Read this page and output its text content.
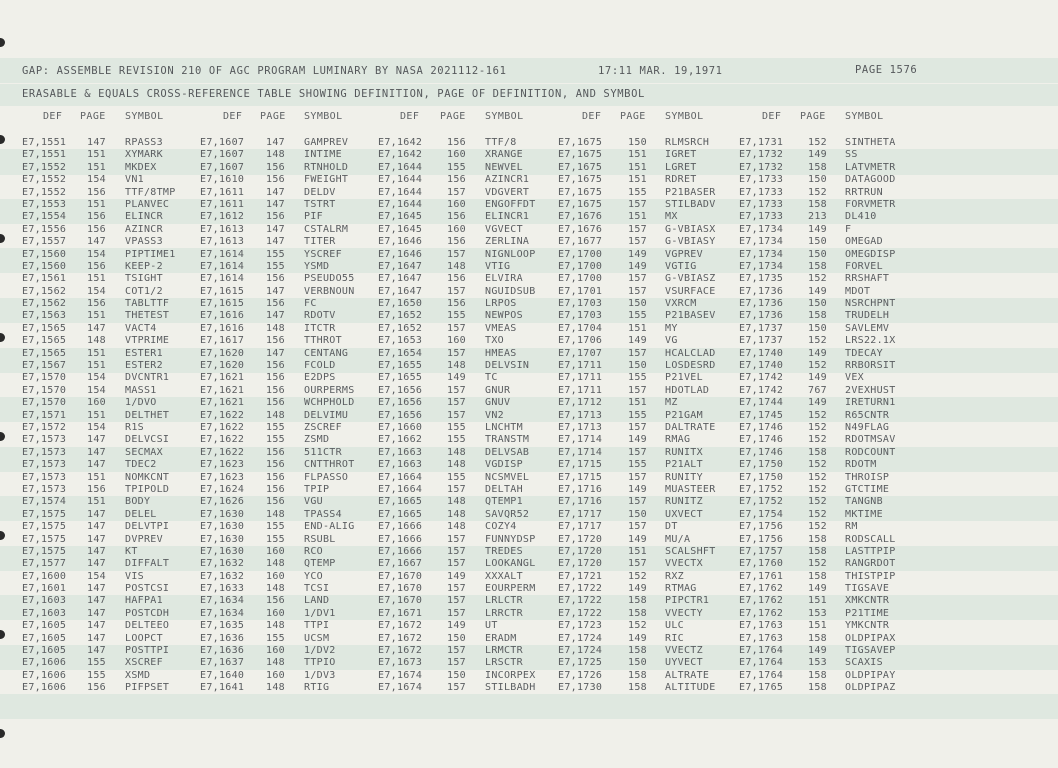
GAP: ASSEMBLE REVISION 210 OF AGC PROGRAM LUMINARY BY NASA 2021112-161	17:11 MAR. 19,1971	PAGE 1576
ERASABLE & EQUALS CROSS-REFERENCE TABLE SHOWING DEFINITION, PAGE OF DEFINITION, AND SYMBOL
DEF PAGE SYMBOL	DEF PAGE SYMBOL	DEF PAGE SYMBOL	DEF PAGE SYMBOL	DEF PAGE SYMBOL
E7,1551 147 RPASS3	E7,1607 147 GAMPREV	E7,1642 156 TTF/8	E7,1675	150 RLMSRCH	E7,1731 152 SINTHETA
E7,1551 151 XYMARK	E7,1607 148 INTIME	E7,1642 160 XRANGE	E7,1675	151 IGRET	E7,1732 149 SS
E7,1552 151 MKDEX	E7,1607 156 RTNHOLD	E7,1644 155 NEWVEL	E7,1675	151 LGRET	E7,1732 158 LATVMETR
E7,1552 154 VN1	E7,1610 156 FWEIGHT	E7,1644 156 AZINCR1	E7,1675	151 RDRET	E7,1733 150 DATAGOOD
E7,1552 156 TTF/8TMP E7,1611 147 DELDV	E7,1644 157 VDGVERT	E7,1675	155 P21BASER E7,1733 152 RRTRUN
E7,1553 151 PLANVEC	E7,1611 147 TSTRT	E7,1644 160 ENGOFFDT E7,1675	157 STILBADV E7,1733 158 FORVMETR
E7,1554 156 ELINCR	E7,1612 156 PIF	E7,1645 156 ELINCR1	E7,1676	151 MX	E7,1733 213 DL410
E7,1556 156 AZINCR	E7,1613 147 CSTALRM	E7,1645 160 VGVECT	E7,1676	157 G-VBIASX E7,1734 149 F
E7,1557 147 VPASS3	E7,1613 147 TITER	E7,1646 156 ZERLINA	E7,1677	157 G-VBIASY E7,1734 150 OMEGAD
E7,1560 154 PIPTIME1 E7,1614 155 YSCREF	E7,1646 157 NIGNLOOP E7,1700	149 VGPREV	E7,1734 150 OMEGDISP
E7,1560 156 KEEP-2	E7,1614 155 YSMD	E7,1647 148 VTIG	E7,1700	149 VGTIG	E7,1734 158 FORVEL
E7,1561 151 TSIGHT	E7,1614 156 PSEUDO55 E7,1647 156 ELVIRA	E7,1700	157 G-VBIASZ E7,1735 152 RRSHAFT
E7,1562 154 COT1/2	E7,1615 147 VERBNOUN E7,1647 157 NGUIDSUB E7,1701	157 VSURFACE E7,1736 149 MDOT
E7,1562 156 TABLTTF	E7,1615 156 FC	E7,1650 156 LRPOS	E7,1703	150 VXRCM	E7,1736 150 NSRCHPNT
E7,1563 151 THETEST	E7,1616 147 RDOTV	E7,1652 155 NEWPOS	E7,1703	155 P21BASEV E7,1736 158 TRUDELH
E7,1565 147 VACT4	E7,1616 148 ITCTR	E7,1652 157 VMEAS	E7,1704	151 MY	E7,1737 150 SAVLEMV
E7,1565 148 VTPRIME	E7,1617 156 TTHROT	E7,1653 160 TXO	E7,1706	149 VG	E7,1737 152 LRS22.1X
E7,1565 151 ESTER1	E7,1620 147 CENTANG	E7,1654 157 HMEAS	E7,1707	157 HCALCLAD E7,1740 149 TDECAY
E7,1567 151 ESTER2	E7,1620 156 FCOLD	E7,1655 148 DELVSIN	E7,1711	150 LOSDESRD E7,1740 152 RRBORSIT
E7,1570 154 DVCNTR1	E7,1621 156 E2DPS	E7,1655 149 TC	E7,1711	155 P21VEL	E7,1742 149 VEX
E7,1570 154 MASS1	E7,1621 156 OURPERMS E7,1656 157 GNUR	E7,1711	157 HDOTLAD	E7,1742 767 2VEXHUST
E7,1570 160 1/DVO	E7,1621 156 WCHPHOLD E7,1656 157 GNUV	E7,1712	151 MZ	E7,1744 149 IRETURN1
E7,1571 151 DELTHET	E7,1622 148 DELVIMU	E7,1656 157 VN2	E7,1713	155 P21GAM	E7,1745 152 R65CNTR
E7,1572 154 R1S	E7,1622 155 ZSCREF	E7,1660 155 LNCHTM	E7,1713	157 DALTRATE E7,1746 152 N49FLAG
E7,1573 147 DELVCSI	E7,1622 155 ZSMD	E7,1662 155 TRANSTM	E7,1714	149 RMAG	E7,1746 152 RDOTMSAV
E7,1573 147 SECMAX	E7,1622 156 511CTR	E7,1663 148 DELVSAB	E7,1714	157 RUNITX	E7,1746 158 RODCOUNT
E7,1573 147 TDEC2	E7,1623 156 CNTTHROT E7,1663 148 VGDISP	E7,1715	155 P21ALT	E7,1750 152 RDOTM
E7,1573 151 NOMKCNT	E7,1623 156 FLPASSO	E7,1664 155 NCSMVEL	E7,1715	157 RUNITY	E7,1750 152 THROISP
E7,1573 156 TPIPOLD	E7,1624 156 TPIP	E7,1664 157 DELTAH	E7,1716	149 MUASTEER E7,1752 152 GTCTIME
E7,1574 151 BODY	E7,1626 156 VGU	E7,1665 148 QTEMP1	E7,1716	157 RUNITZ	E7,1752 152 TANGNB
E7,1575 147 DELEL	E7,1630 148 TPASS4	E7,1665 148 SAVQR52	E7,1717	150 UXVECT	E7,1754 152 MKTIME
E7,1575 147 DELVTPI	E7,1630 155 END-ALIG E7,1666 148 COZY4	E7,1717	157 DT	E7,1756 152 RM
E7,1575 147 DVPREV	E7,1630 155 RSUBL	E7,1666 157 FUNNYDSP E7,1720	149 MU/A	E7,1756 158 RODSCALL
E7,1575 147 KT	E7,1630 160 RCO	E7,1666 157 TREDES	E7,1720	151 SCALSHFT E7,1757 158 LASTTPIP
E7,1577 147 DIFFALT	E7,1632 148 QTEMP	E7,1667 157 LOOKANGL E7,1720	157 VVECTX	E7,1760 152 RANGRDOT
E7,1600 154 VIS	E7,1632 160 YCO	E7,1670 149 XXXALT	E7,1721	152 RXZ	E7,1761 158 THISTPIP
E7,1601 147 POSTCSI	E7,1633 148 TCSI	E7,1670 157 EOURPERM E7,1722	149 RTMAG	E7,1762 149 TIGSAVE
E7,1603 147 HAFPA1	E7,1634 156 LAND	E7,1670 157 LRLCTR	E7,1722	158 PIPCTR1	E7,1762 151 XMKCNTR
E7,1603 147 POSTCDH	E7,1634 160 1/DV1	E7,1671 157 LRRCTR	E7,1722	158 VVECTY	E7,1762 153 P21TIME
E7,1605 147 DELTEEO	E7,1635 148 TTPI	E7,1672 149 UT	E7,1723	152 ULC	E7,1763 151 YMKCNTR
E7,1605 147 LOOPCT	E7,1636 155 UCSM	E7,1672 150 ERADM	E7,1724	149 RIC	E7,1763 158 OLDPIPAX
E7,1605 147 POSTTPI	E7,1636 160 1/DV2	E7,1672 157 LRMCTR	E7,1724	158 VVECTZ	E7,1764 149 TIGSAVEP
E7,1606 155 XSCREF	E7,1637 148 TTPIO	E7,1673 157 LRSCTR	E7,1725	150 UYVECT	E7,1764 153 SCAXIS
E7,1606 155 XSMD	E7,1640 160 1/DV3	E7,1674 150 INCORPEX E7,1726	158 ALTRATE	E7,1764 158 OLDPIPAY
E7,1606 156 PIFPSET	E7,1641 148 RTIG	E7,1674 157 STILBADH E7,1730	158 ALTITUDE E7,1765 158 OLDPIPAZ
